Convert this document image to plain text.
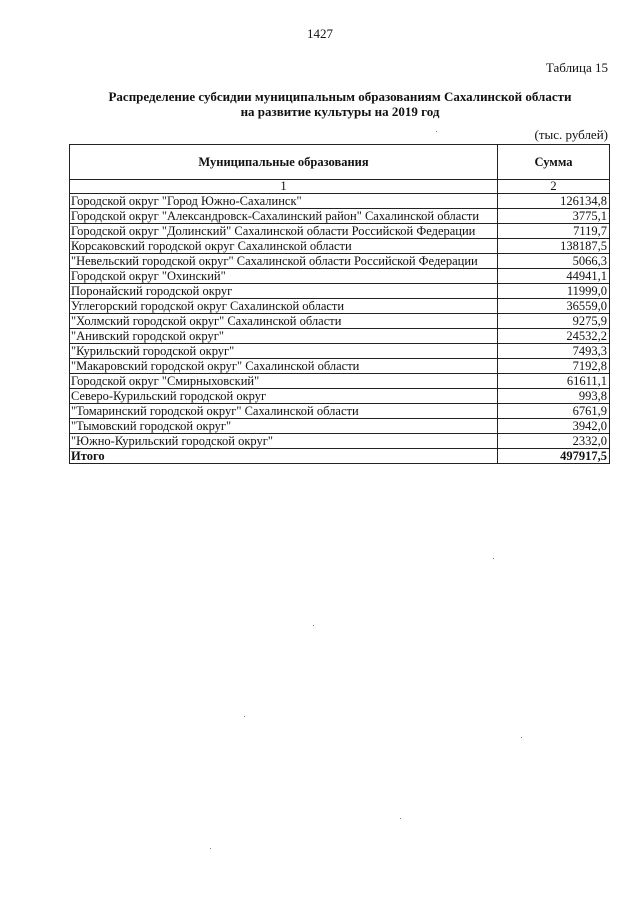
1427
Таблица 15
Распределение субсидии муниципальным образованиям Сахалинской области
на развитие культуры на 2019 год
(тыс. рублей)
Муниципальные образования	Сумма
1	2
Городской округ "Город Южно-Сахалинск"	126134,8
Городской округ "Александровск-Сахалинский район" Сахалинской области	3775,1
Городской округ "Долинский" Сахалинской области Российской Федерации	7119,7
Корсаковский городской округ Сахалинской области	138187,5
"Невельский городской округ" Сахалинской области Российской Федерации	5066,3
Городской округ "Охинский"	44941,1
Поронайский городской округ	11999,0
Углегорский городской округ Сахалинской области	36559,0
"Холмский городской округ" Сахалинской области	9275,9
"Анивский городской округ"	24532,2
"Курильский городской округ"	7493,3
"Макаровский городской округ" Сахалинской области	7192,8
Городской округ "Смирныховский"	61611,1
Северо-Курильский городской округ	993,8
"Томаринский городской округ" Сахалинской области	6761,9
"Тымовский городской округ"	3942,0
"Южно-Курильский городской округ"	2332,0
Итого	497917,5
